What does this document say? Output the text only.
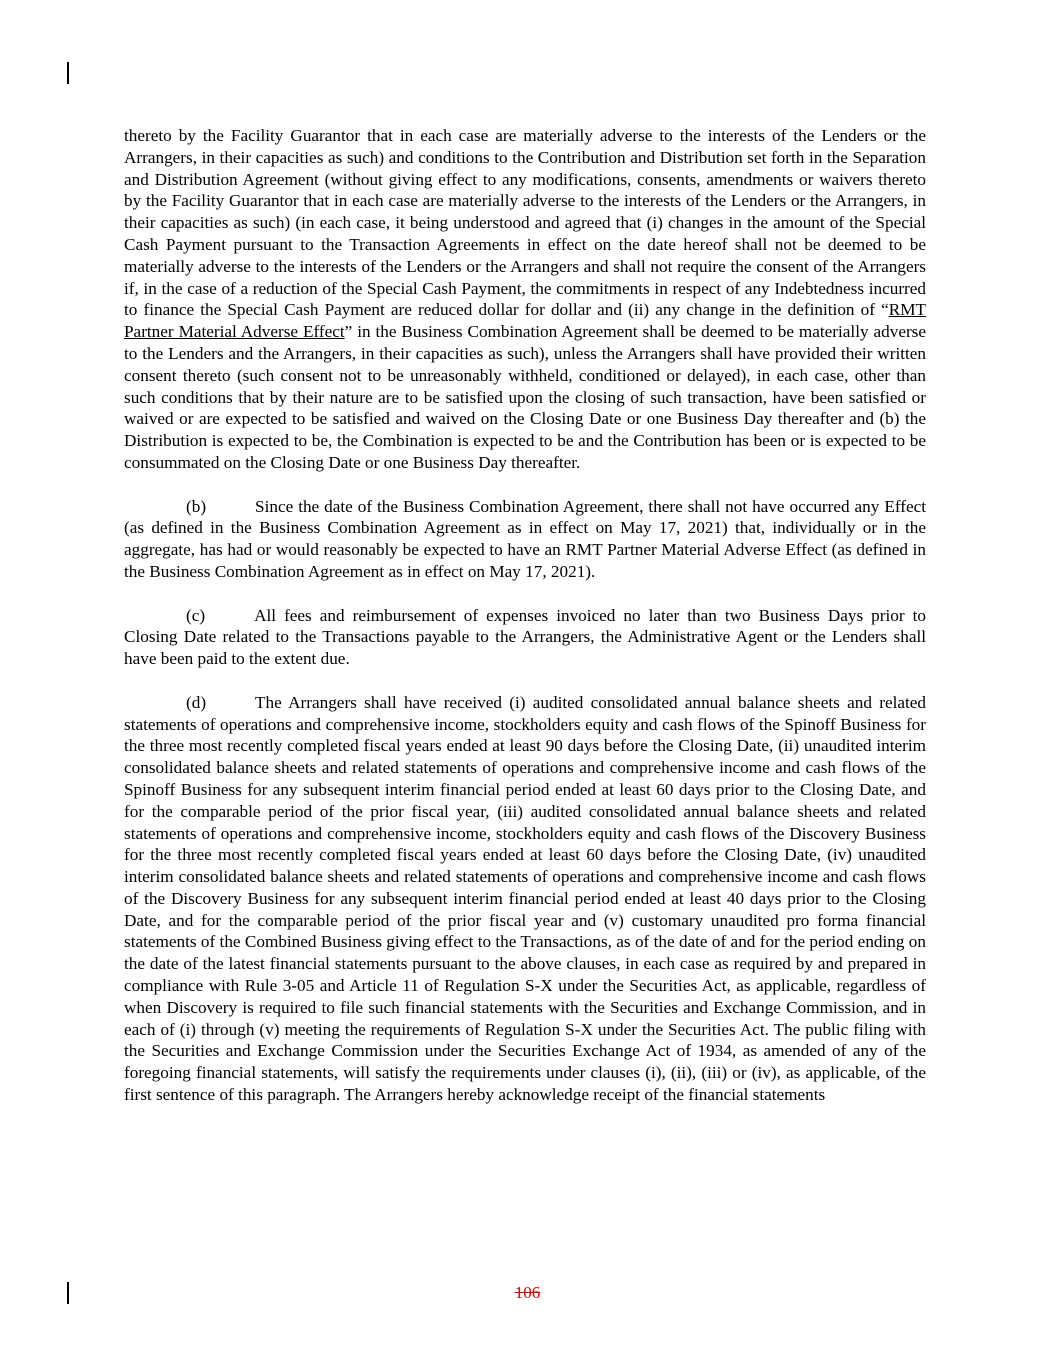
thereto by the Facility Guarantor that in each case are materially adverse to the interests of the Lenders or the Arrangers, in their capacities as such) and conditions to the Contribution and Distribution set forth in the Separation and Distribution Agreement (without giving effect to any modifications, consents, amendments or waivers thereto by the Facility Guarantor that in each case are materially adverse to the interests of the Lenders or the Arrangers, in their capacities as such) (in each case, it being understood and agreed that (i) changes in the amount of the Special Cash Payment pursuant to the Transaction Agreements in effect on the date hereof shall not be deemed to be materially adverse to the interests of the Lenders or the Arrangers and shall not require the consent of the Arrangers if, in the case of a reduction of the Special Cash Payment, the commitments in respect of any Indebtedness incurred to finance the Special Cash Payment are reduced dollar for dollar and (ii) any change in the definition of “RMT Partner Material Adverse Effect” in the Business Combination Agreement shall be deemed to be materially adverse to the Lenders and the Arrangers, in their capacities as such), unless the Arrangers shall have provided their written consent thereto (such consent not to be unreasonably withheld, conditioned or delayed), in each case, other than such conditions that by their nature are to be satisfied upon the closing of such transaction, have been satisfied or waived or are expected to be satisfied and waived on the Closing Date or one Business Day thereafter and (b) the Distribution is expected to be, the Combination is expected to be and the Contribution has been or is expected to be consummated on the Closing Date or one Business Day thereafter.

(b)	Since the date of the Business Combination Agreement, there shall not have occurred any Effect (as defined in the Business Combination Agreement as in effect on May 17, 2021) that, individually or in the aggregate, has had or would reasonably be expected to have an RMT Partner Material Adverse Effect (as defined in the Business Combination Agreement as in effect on May 17, 2021).

(c)	All fees and reimbursement of expenses invoiced no later than two Business Days prior to Closing Date related to the Transactions payable to the Arrangers, the Administrative Agent or the Lenders shall have been paid to the extent due.

(d)	The Arrangers shall have received (i) audited consolidated annual balance sheets and related statements of operations and comprehensive income, stockholders equity and cash flows of the Spinoff Business for the three most recently completed fiscal years ended at least 90 days before the Closing Date, (ii) unaudited interim consolidated balance sheets and related statements of operations and comprehensive income and cash flows of the Spinoff Business for any subsequent interim financial period ended at least 60 days prior to the Closing Date, and for the comparable period of the prior fiscal year, (iii) audited consolidated annual balance sheets and related statements of operations and comprehensive income, stockholders equity and cash flows of the Discovery Business for the three most recently completed fiscal years ended at least 60 days before the Closing Date, (iv) unaudited interim consolidated balance sheets and related statements of operations and comprehensive income and cash flows of the Discovery Business for any subsequent interim financial period ended at least 40 days prior to the Closing Date, and for the comparable period of the prior fiscal year and (v) customary unaudited pro forma financial statements of the Combined Business giving effect to the Transactions, as of the date of and for the period ending on the date of the latest financial statements pursuant to the above clauses, in each case as required by and prepared in compliance with Rule 3-05 and Article 11 of Regulation S-X under the Securities Act, as applicable, regardless of when Discovery is required to file such financial statements with the Securities and Exchange Commission, and in each of (i) through (v) meeting the requirements of Regulation S-X under the Securities Act. The public filing with the Securities and Exchange Commission under the Securities Exchange Act of 1934, as amended of any of the foregoing financial statements, will satisfy the requirements under clauses (i), (ii), (iii) or (iv), as applicable, of the first sentence of this paragraph. The Arrangers hereby acknowledge receipt of the financial statements

106
